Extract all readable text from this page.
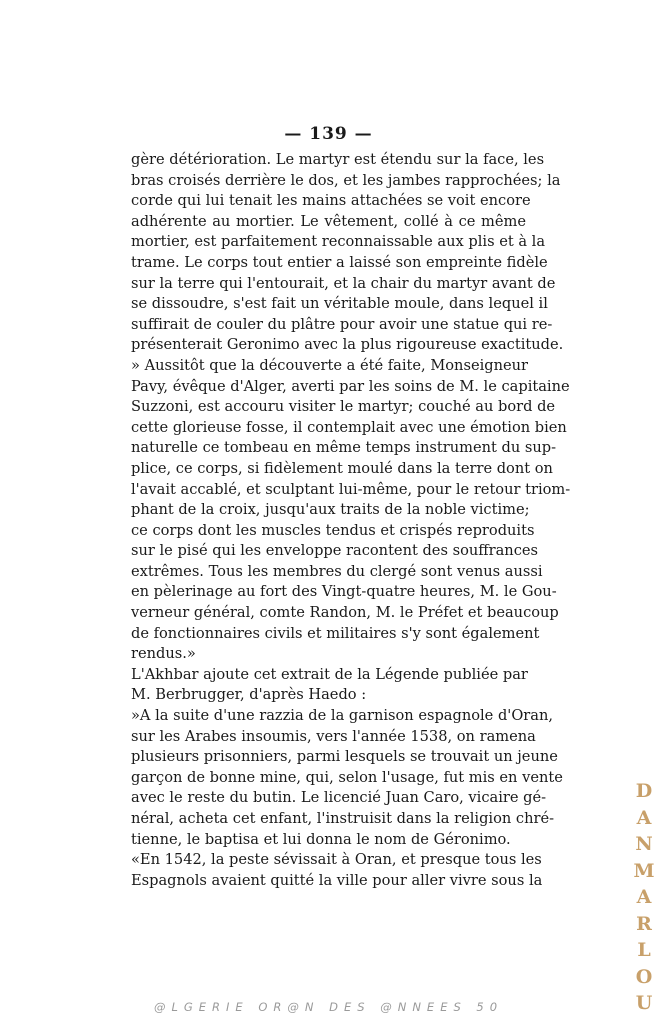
— 139 —
gère détérioration. Le martyr est étendu sur la face, les
bras croisés derrière le dos, et les jambes rapprochées; la
corde qui lui tenait les mains attachées se voit encore
adhérente au mortier. Le vêtement, collé à ce même
mortier, est parfaitement reconnaissable aux plis et à la
trame. Le corps tout entier a laissé son empreinte fidèle
sur la terre qui l'entourait, et la chair du martyr avant de
se dissoudre, s'est fait un véritable moule, dans lequel il
suffirait de couler du plâtre pour avoir une statue qui re-
présenterait Geronimo avec la plus rigoureuse exactitude.
» Aussitôt que la découverte a été faite, Monseigneur
Pavy, évêque d'Alger, averti par les soins de M. le capitaine
Suzzoni, est accouru visiter le martyr; couché au bord de
cette glorieuse fosse, il contemplait avec une émotion bien
naturelle ce tombeau en même temps instrument du sup-
plice, ce corps, si fidèlement moulé dans la terre dont on
l'avait accablé, et sculptant lui-même, pour le retour triom-
phant de la croix, jusqu'aux traits de la noble victime;
ce corps dont les muscles tendus et crispés reproduits
sur le pisé qui les enveloppe racontent des souffrances
extrêmes. Tous les membres du clergé sont venus aussi
en pèlerinage au fort des Vingt-quatre heures, M. le Gou-
verneur général, comte Randon, M. le Préfet et beaucoup
de fonctionnaires civils et militaires s'y sont également
rendus.»
L'Akhbar ajoute cet extrait de la Légende publiée par
M. Berbrugger, d'après Haedo :
»A la suite d'une razzia de la garnison espagnole d'Oran,
sur les Arabes insoumis, vers l'année 1538, on ramena
plusieurs prisonniers, parmi lesquels se trouvait un jeune
garçon de bonne mine, qui, selon l'usage, fut mis en vente
avec le reste du butin. Le licencié Juan Caro, vicaire gé-
néral, acheta cet enfant, l'instruisit dans la religion chré-
tienne, le baptisa et lui donna le nom de Géronimo.
«En 1542, la peste sévissait à Oran, et presque tous les
Espagnols avaient quitté la ville pour aller vivre sous la
D
A
N
M
A
R
L
O
U
@LGERIE OR@N DES @NNEES 50
